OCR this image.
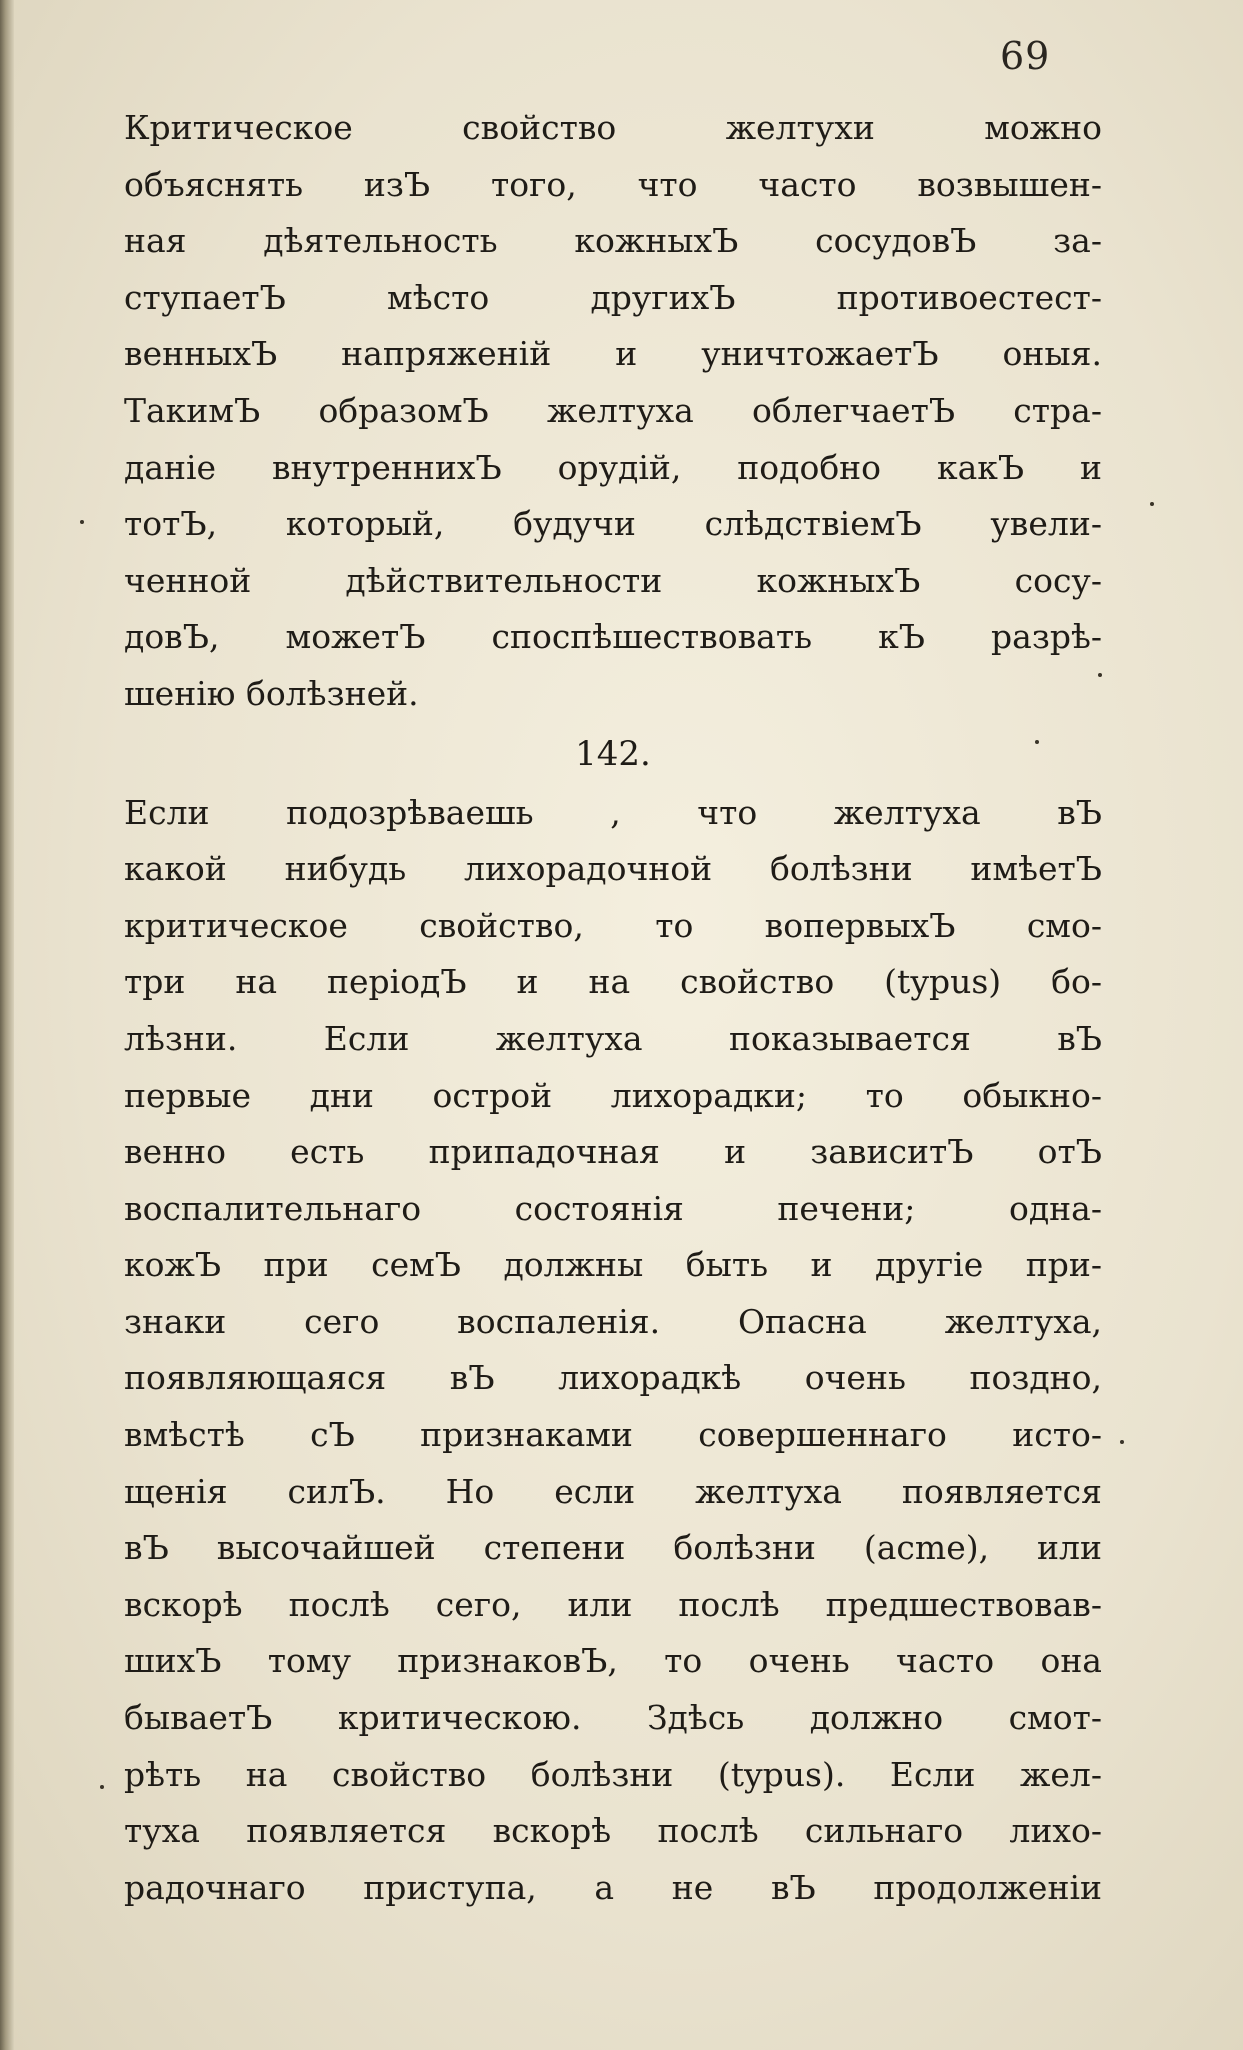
69
Критическое свойство желтухи можно
объяснять изЪ того, что часто возвышен-
ная дѣятельность кожныхЪ сосудовЪ за-
ступаетЪ мѣсто другихЪ противоестест-
венныхЪ напряженій и уничтожаетЪ оныя.
ТакимЪ образомЪ желтуха облегчаетЪ стра-
даніе внутреннихЪ орудій, подобно какЪ и
тотЪ, который, будучи слѣдствіемЪ увели-
ченной дѣйствительности кожныхЪ сосу-
довЪ, можетЪ споспѣшествовать кЪ разрѣ-
шенію болѣзней.
142.
Если подозрѣваешь , что желтуха вЪ
какой нибудь лихорадочной болѣзни имѣетЪ
критическое свойство, то вопервыхЪ смо-
три на періодЪ и на свойство (typus) бо-
лѣзни. Если желтуха показывается вЪ
первые дни острой лихорадки; то обыкно-
венно есть припадочная и зависитЪ отЪ
воспалительнаго состоянія печени; одна-
кожЪ при семЪ должны быть и другіе при-
знаки сего воспаленія. Опасна желтуха,
появляющаяся вЪ лихорадкѣ очень поздно,
вмѣстѣ сЪ признаками совершеннаго исто-
щенія силЪ. Но если желтуха появляется
вЪ высочайшей степени болѣзни (acme), или
вскорѣ послѣ сего, или послѣ предшествовав-
шихЪ тому признаковЪ, то очень часто она
бываетЪ критическою. Здѣсь должно смот-
рѣть на свойство болѣзни (typus). Если жел-
туха появляется вскорѣ послѣ сильнаго лихо-
радочнаго приступа, а не вЪ продолженіи
